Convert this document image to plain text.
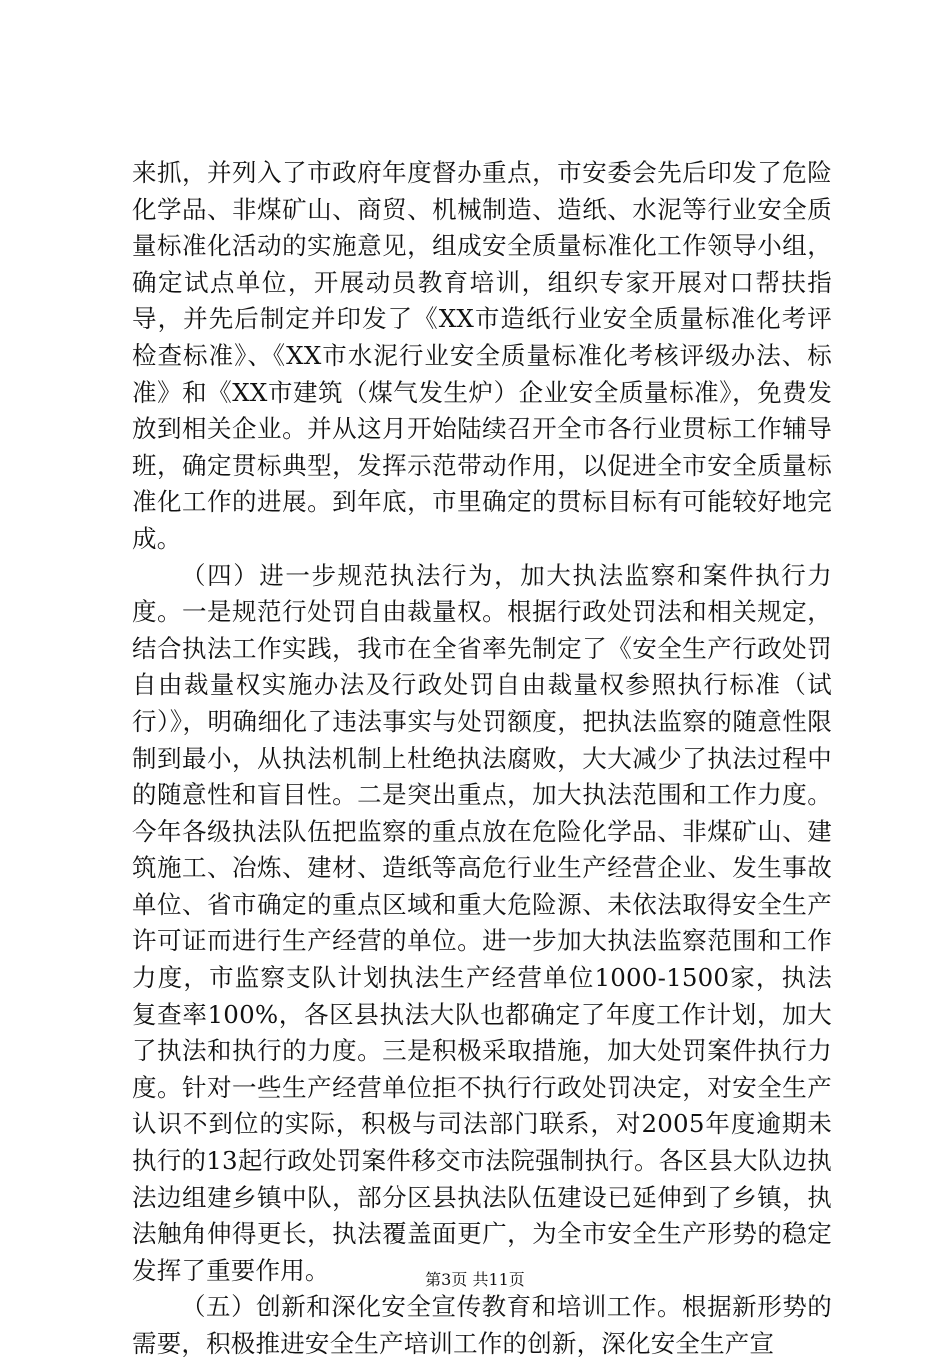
来抓，并列入了市政府年度督办重点，市安委会先后印发了危险化学品、非煤矿山、商贸、机械制造、造纸、水泥等行业安全质量标准化活动的实施意见，组成安全质量标准化工作领导小组，确定试点单位，开展动员教育培训，组织专家开展对口帮扶指导，并先后制定并印发了《XX市造纸行业安全质量标准化考评检查标准》、《XX市水泥行业安全质量标准化考核评级办法、标准》和《XX市建筑（煤气发生炉）企业安全质量标准》，免费发放到相关企业。并从这月开始陆续召开全市各行业贯标工作辅导班，确定贯标典型，发挥示范带动作用，以促进全市安全质量标准化工作的进展。到年底，市里确定的贯标目标有可能较好地完成。

（四）进一步规范执法行为，加大执法监察和案件执行力度。一是规范行处罚自由裁量权。根据行政处罚法和相关规定，结合执法工作实践，我市在全省率先制定了《安全生产行政处罚自由裁量权实施办法及行政处罚自由裁量权参照执行标准（试行）》，明确细化了违法事实与处罚额度，把执法监察的随意性限制到最小，从执法机制上杜绝执法腐败，大大减少了执法过程中的随意性和盲目性。二是突出重点，加大执法范围和工作力度。今年各级执法队伍把监察的重点放在危险化学品、非煤矿山、建筑施工、冶炼、建材、造纸等高危行业生产经营企业、发生事故单位、省市确定的重点区域和重大危险源、未依法取得安全生产许可证而进行生产经营的单位。进一步加大执法监察范围和工作力度，市监察支队计划执法生产经营单位1000-1500家，执法复查率100%，各区县执法大队也都确定了年度工作计划，加大了执法和执行的力度。三是积极采取措施，加大处罚案件执行力度。针对一些生产经营单位拒不执行行政处罚决定，对安全生产认识不到位的实际，积极与司法部门联系，对2005年度逾期未执行的13起行政处罚案件移交市法院强制执行。各区县大队边执法边组建乡镇中队，部分区县执法队伍建设已延伸到了乡镇，执法触角伸得更长，执法覆盖面更广，为全市安全生产形势的稳定发挥了重要作用。

（五）创新和深化安全宣传教育和培训工作。根据新形势的需要，积极推进安全生产培训工作的创新，深化安全生产宣

第3页 共11页
